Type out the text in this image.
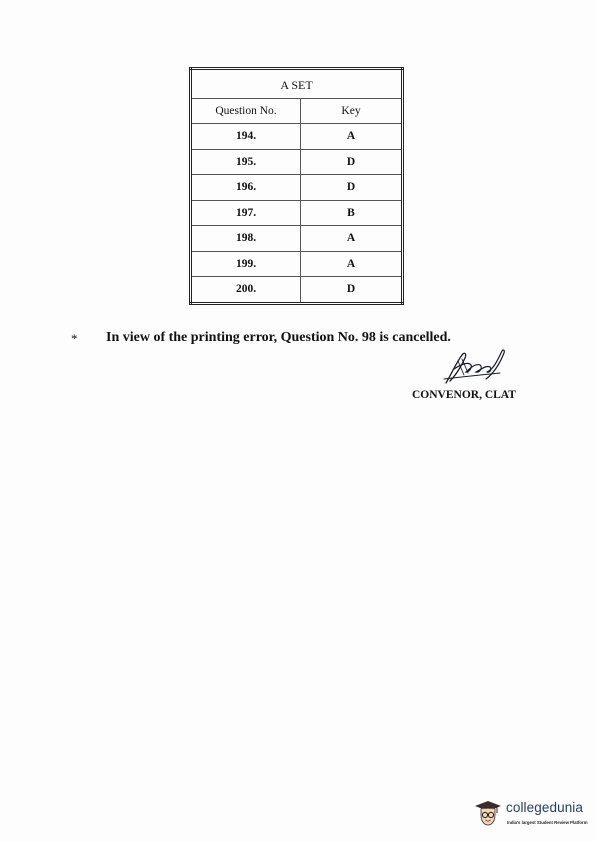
A SET	
Question No.	Key
194.	A
195.	D
196.	D
197.	B
198.	A
199.	A
200.	D
* In view of the printing error, Question No. 98 is cancelled.
CONVENOR, CLAT
collegedunia
India's largest Student Review Platform
